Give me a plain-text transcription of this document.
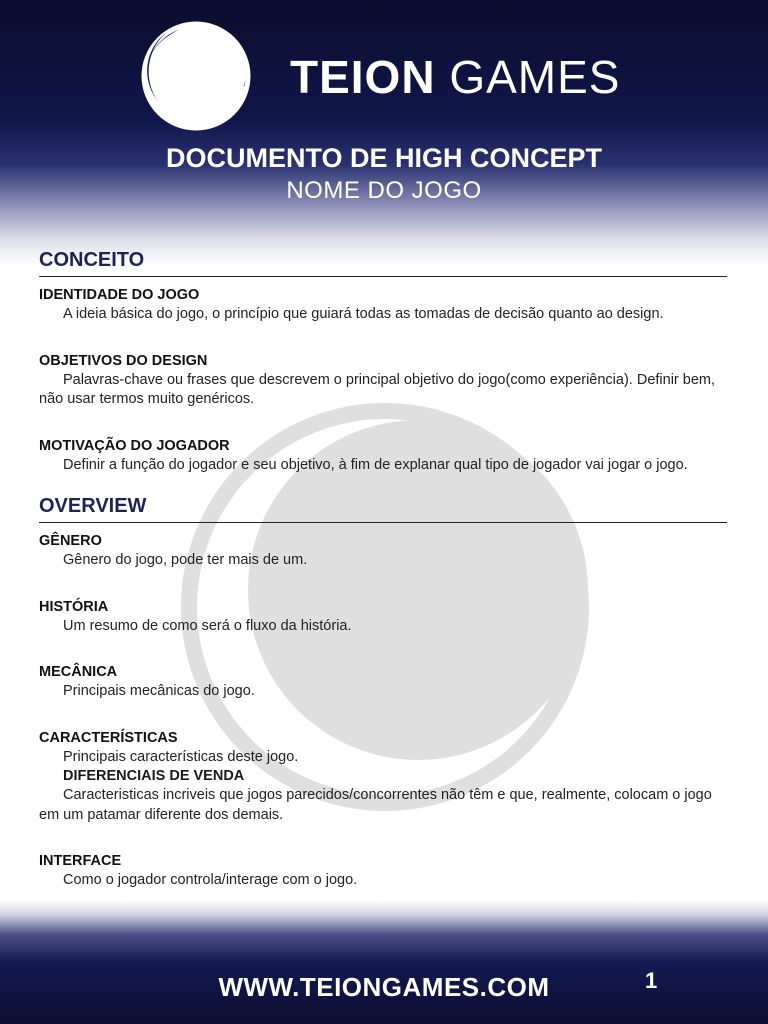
TEION GAMES
DOCUMENTO DE HIGH CONCEPT
NOME DO JOGO
CONCEITO
IDENTIDADE DO JOGO
A ideia básica do jogo, o princípio que guiará todas as tomadas de decisão quanto ao design.
OBJETIVOS DO DESIGN
Palavras-chave ou frases que descrevem o principal objetivo do jogo(como experiência). Definir bem, não usar termos muito genéricos.
MOTIVAÇÃO DO JOGADOR
Definir a função do jogador e seu objetivo, à fim de explanar qual tipo de jogador vai jogar o jogo.
OVERVIEW
GÊNERO
Gênero do jogo, pode ter mais de um.
HISTÓRIA
Um resumo de como será o fluxo da história.
MECÂNICA
Principais mecânicas do jogo.
CARACTERÍSTICAS
Principais características deste jogo.
DIFERENCIAIS DE VENDA
Caracteristicas incriveis que jogos parecidos/concorrentes não têm e que, realmente, colocam o jogo em um patamar diferente dos demais.
INTERFACE
Como o jogador controla/interage com o jogo.
WWW.TEIONGAMES.COM	1
